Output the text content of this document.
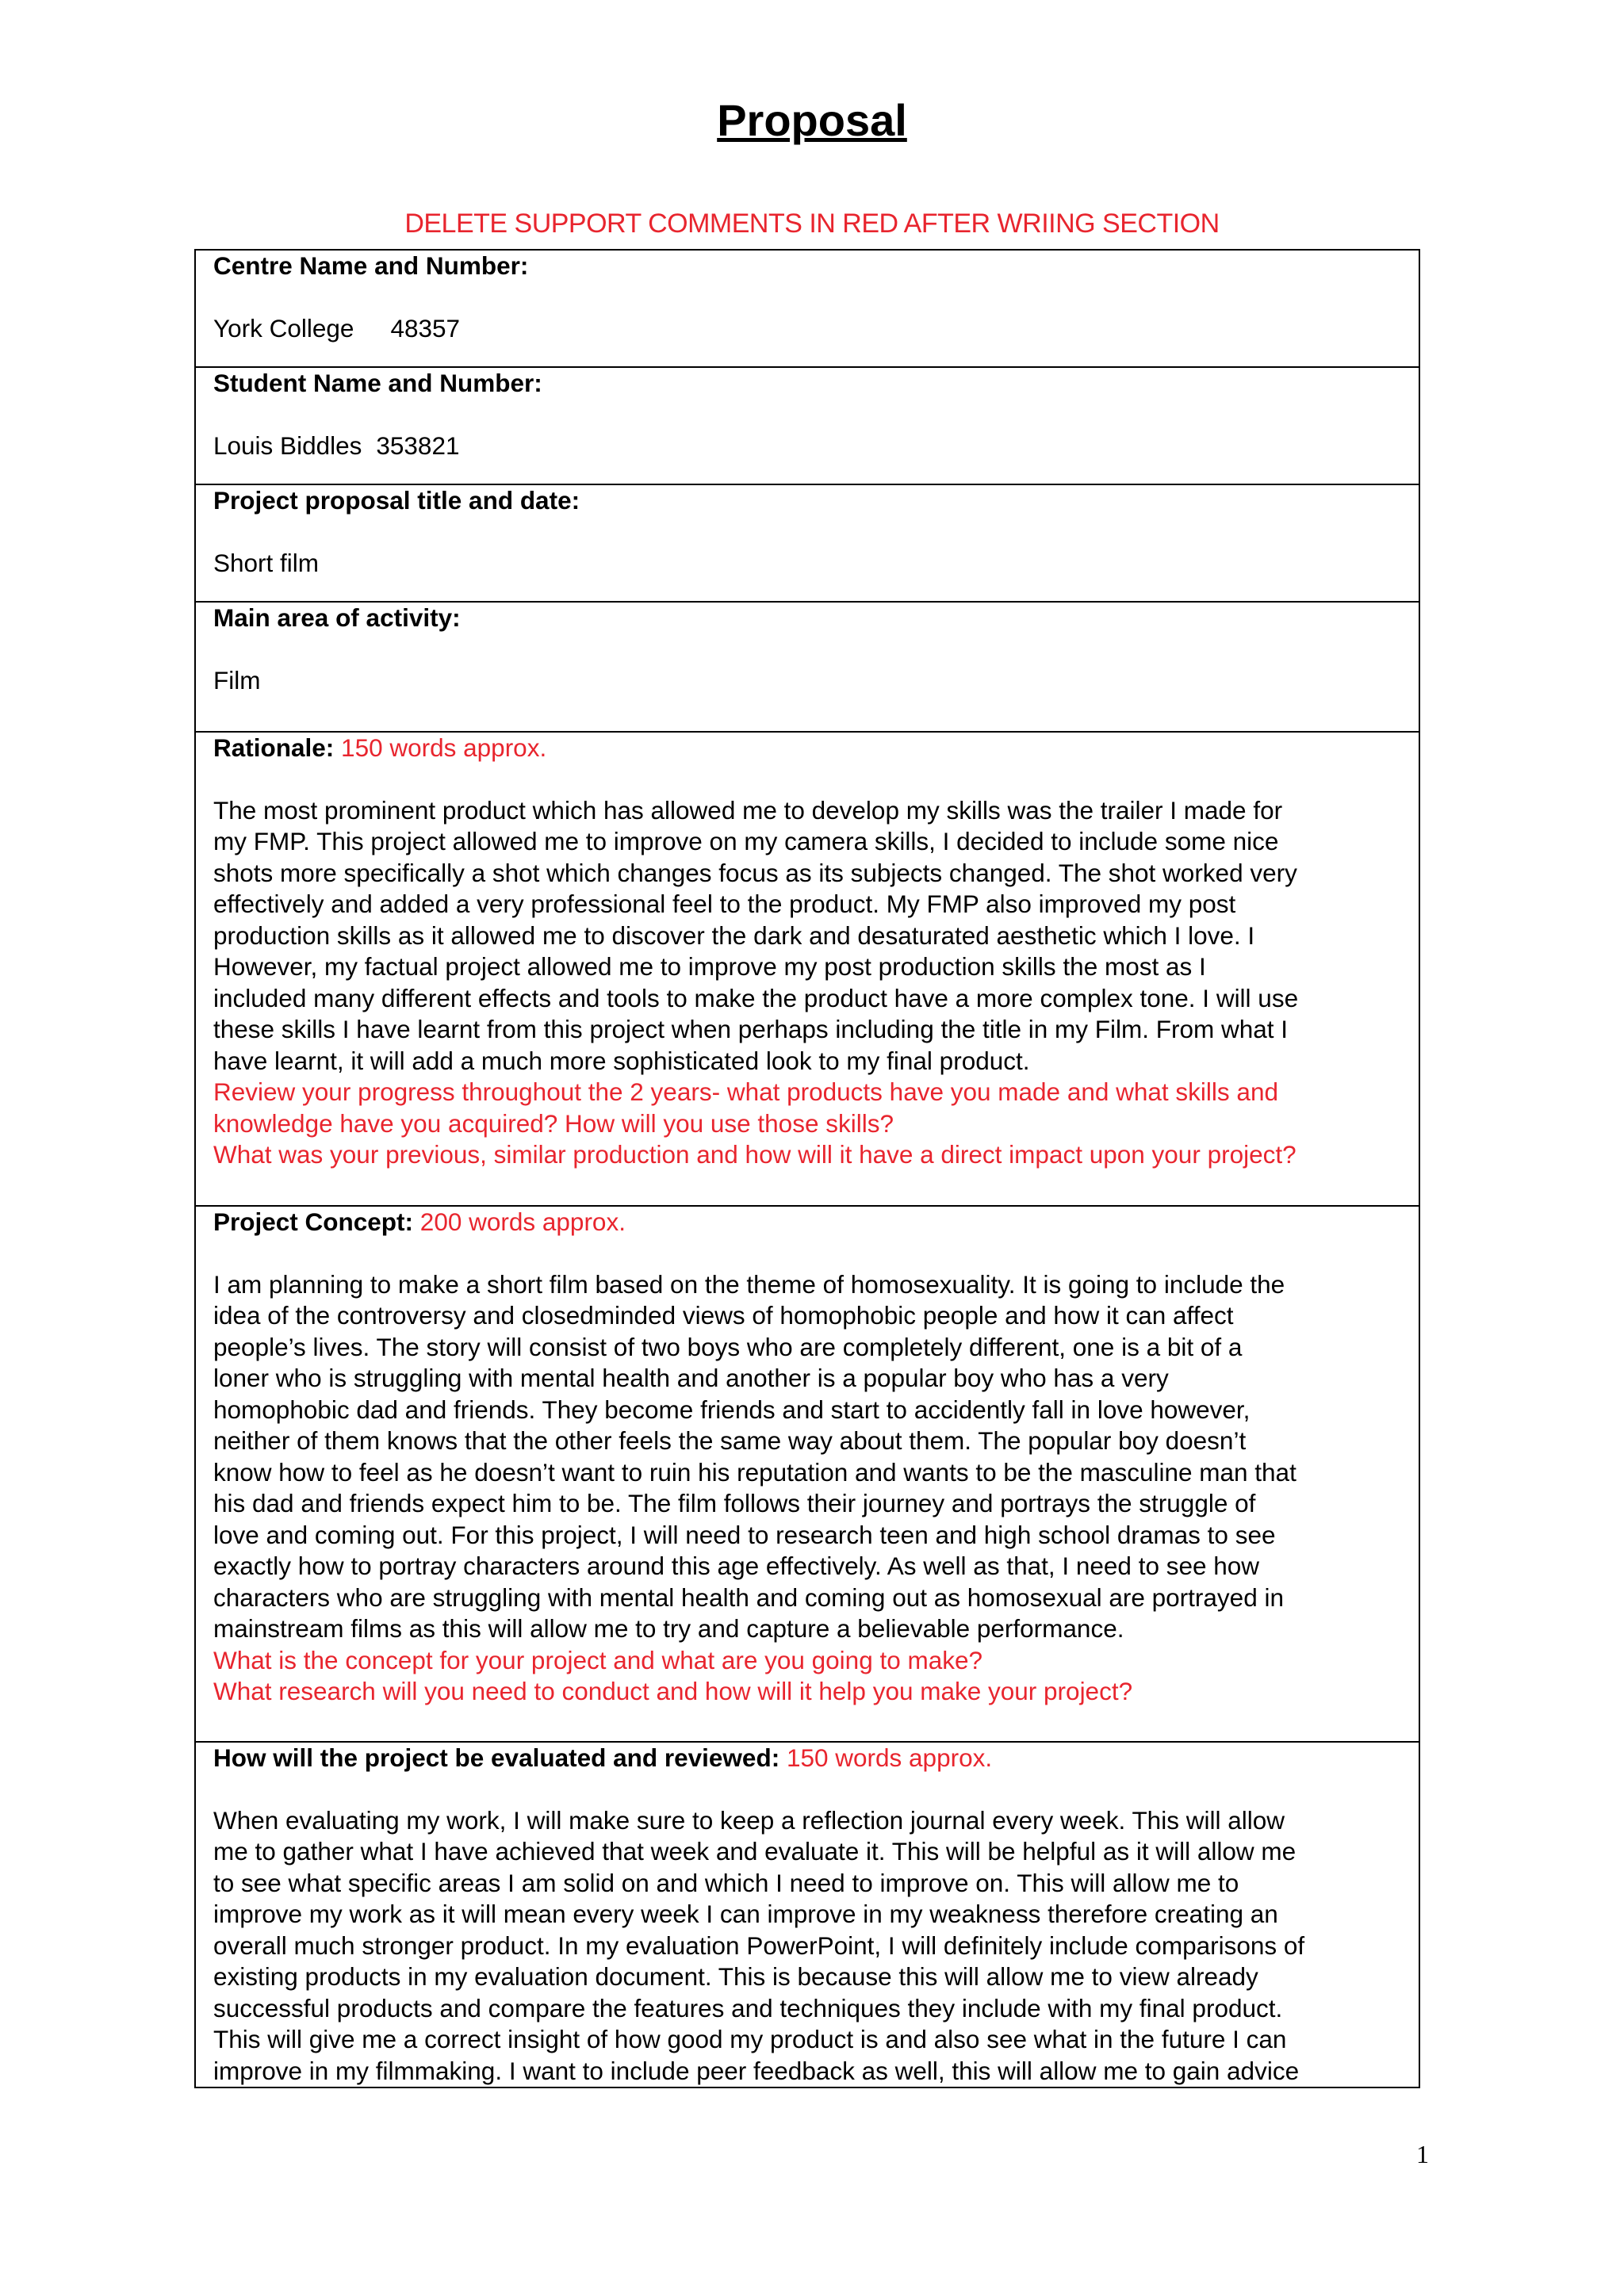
Proposal
DELETE SUPPORT COMMENTS IN RED AFTER WRIING SECTION
Centre Name and Number:
York College 48357

Student Name and Number:
Louis Biddles 353821

Project proposal title and date:
Short film

Main area of activity:
Film

Rationale: 150 words approx.
The most prominent product which has allowed me to develop my skills was the trailer I made for
my FMP. This project allowed me to improve on my camera skills, I decided to include some nice
shots more specifically a shot which changes focus as its subjects changed. The shot worked very
effectively and added a very professional feel to the product. My FMP also improved my post
production skills as it allowed me to discover the dark and desaturated aesthetic which I love. I
However, my factual project allowed me to improve my post production skills the most as I
included many different effects and tools to make the product have a more complex tone. I will use
these skills I have learnt from this project when perhaps including the title in my Film. From what I
have learnt, it will add a much more sophisticated look to my final product.
Review your progress throughout the 2 years- what products have you made and what skills and
knowledge have you acquired? How will you use those skills?
What was your previous, similar production and how will it have a direct impact upon your project?

Project Concept: 200 words approx.
I am planning to make a short film based on the theme of homosexuality. It is going to include the
idea of the controversy and closedminded views of homophobic people and how it can affect
people’s lives. The story will consist of two boys who are completely different, one is a bit of a
loner who is struggling with mental health and another is a popular boy who has a very
homophobic dad and friends. They become friends and start to accidently fall in love however,
neither of them knows that the other feels the same way about them. The popular boy doesn’t
know how to feel as he doesn’t want to ruin his reputation and wants to be the masculine man that
his dad and friends expect him to be. The film follows their journey and portrays the struggle of
love and coming out. For this project, I will need to research teen and high school dramas to see
exactly how to portray characters around this age effectively. As well as that, I need to see how
characters who are struggling with mental health and coming out as homosexual are portrayed in
mainstream films as this will allow me to try and capture a believable performance.
What is the concept for your project and what are you going to make?
What research will you need to conduct and how will it help you make your project?

How will the project be evaluated and reviewed: 150 words approx.
When evaluating my work, I will make sure to keep a reflection journal every week. This will allow
me to gather what I have achieved that week and evaluate it. This will be helpful as it will allow me
to see what specific areas I am solid on and which I need to improve on. This will allow me to
improve my work as it will mean every week I can improve in my weakness therefore creating an
overall much stronger product. In my evaluation PowerPoint, I will definitely include comparisons of
existing products in my evaluation document. This is because this will allow me to view already
successful products and compare the features and techniques they include with my final product.
This will give me a correct insight of how good my product is and also see what in the future I can
improve in my filmmaking. I want to include peer feedback as well, this will allow me to gain advice
1
